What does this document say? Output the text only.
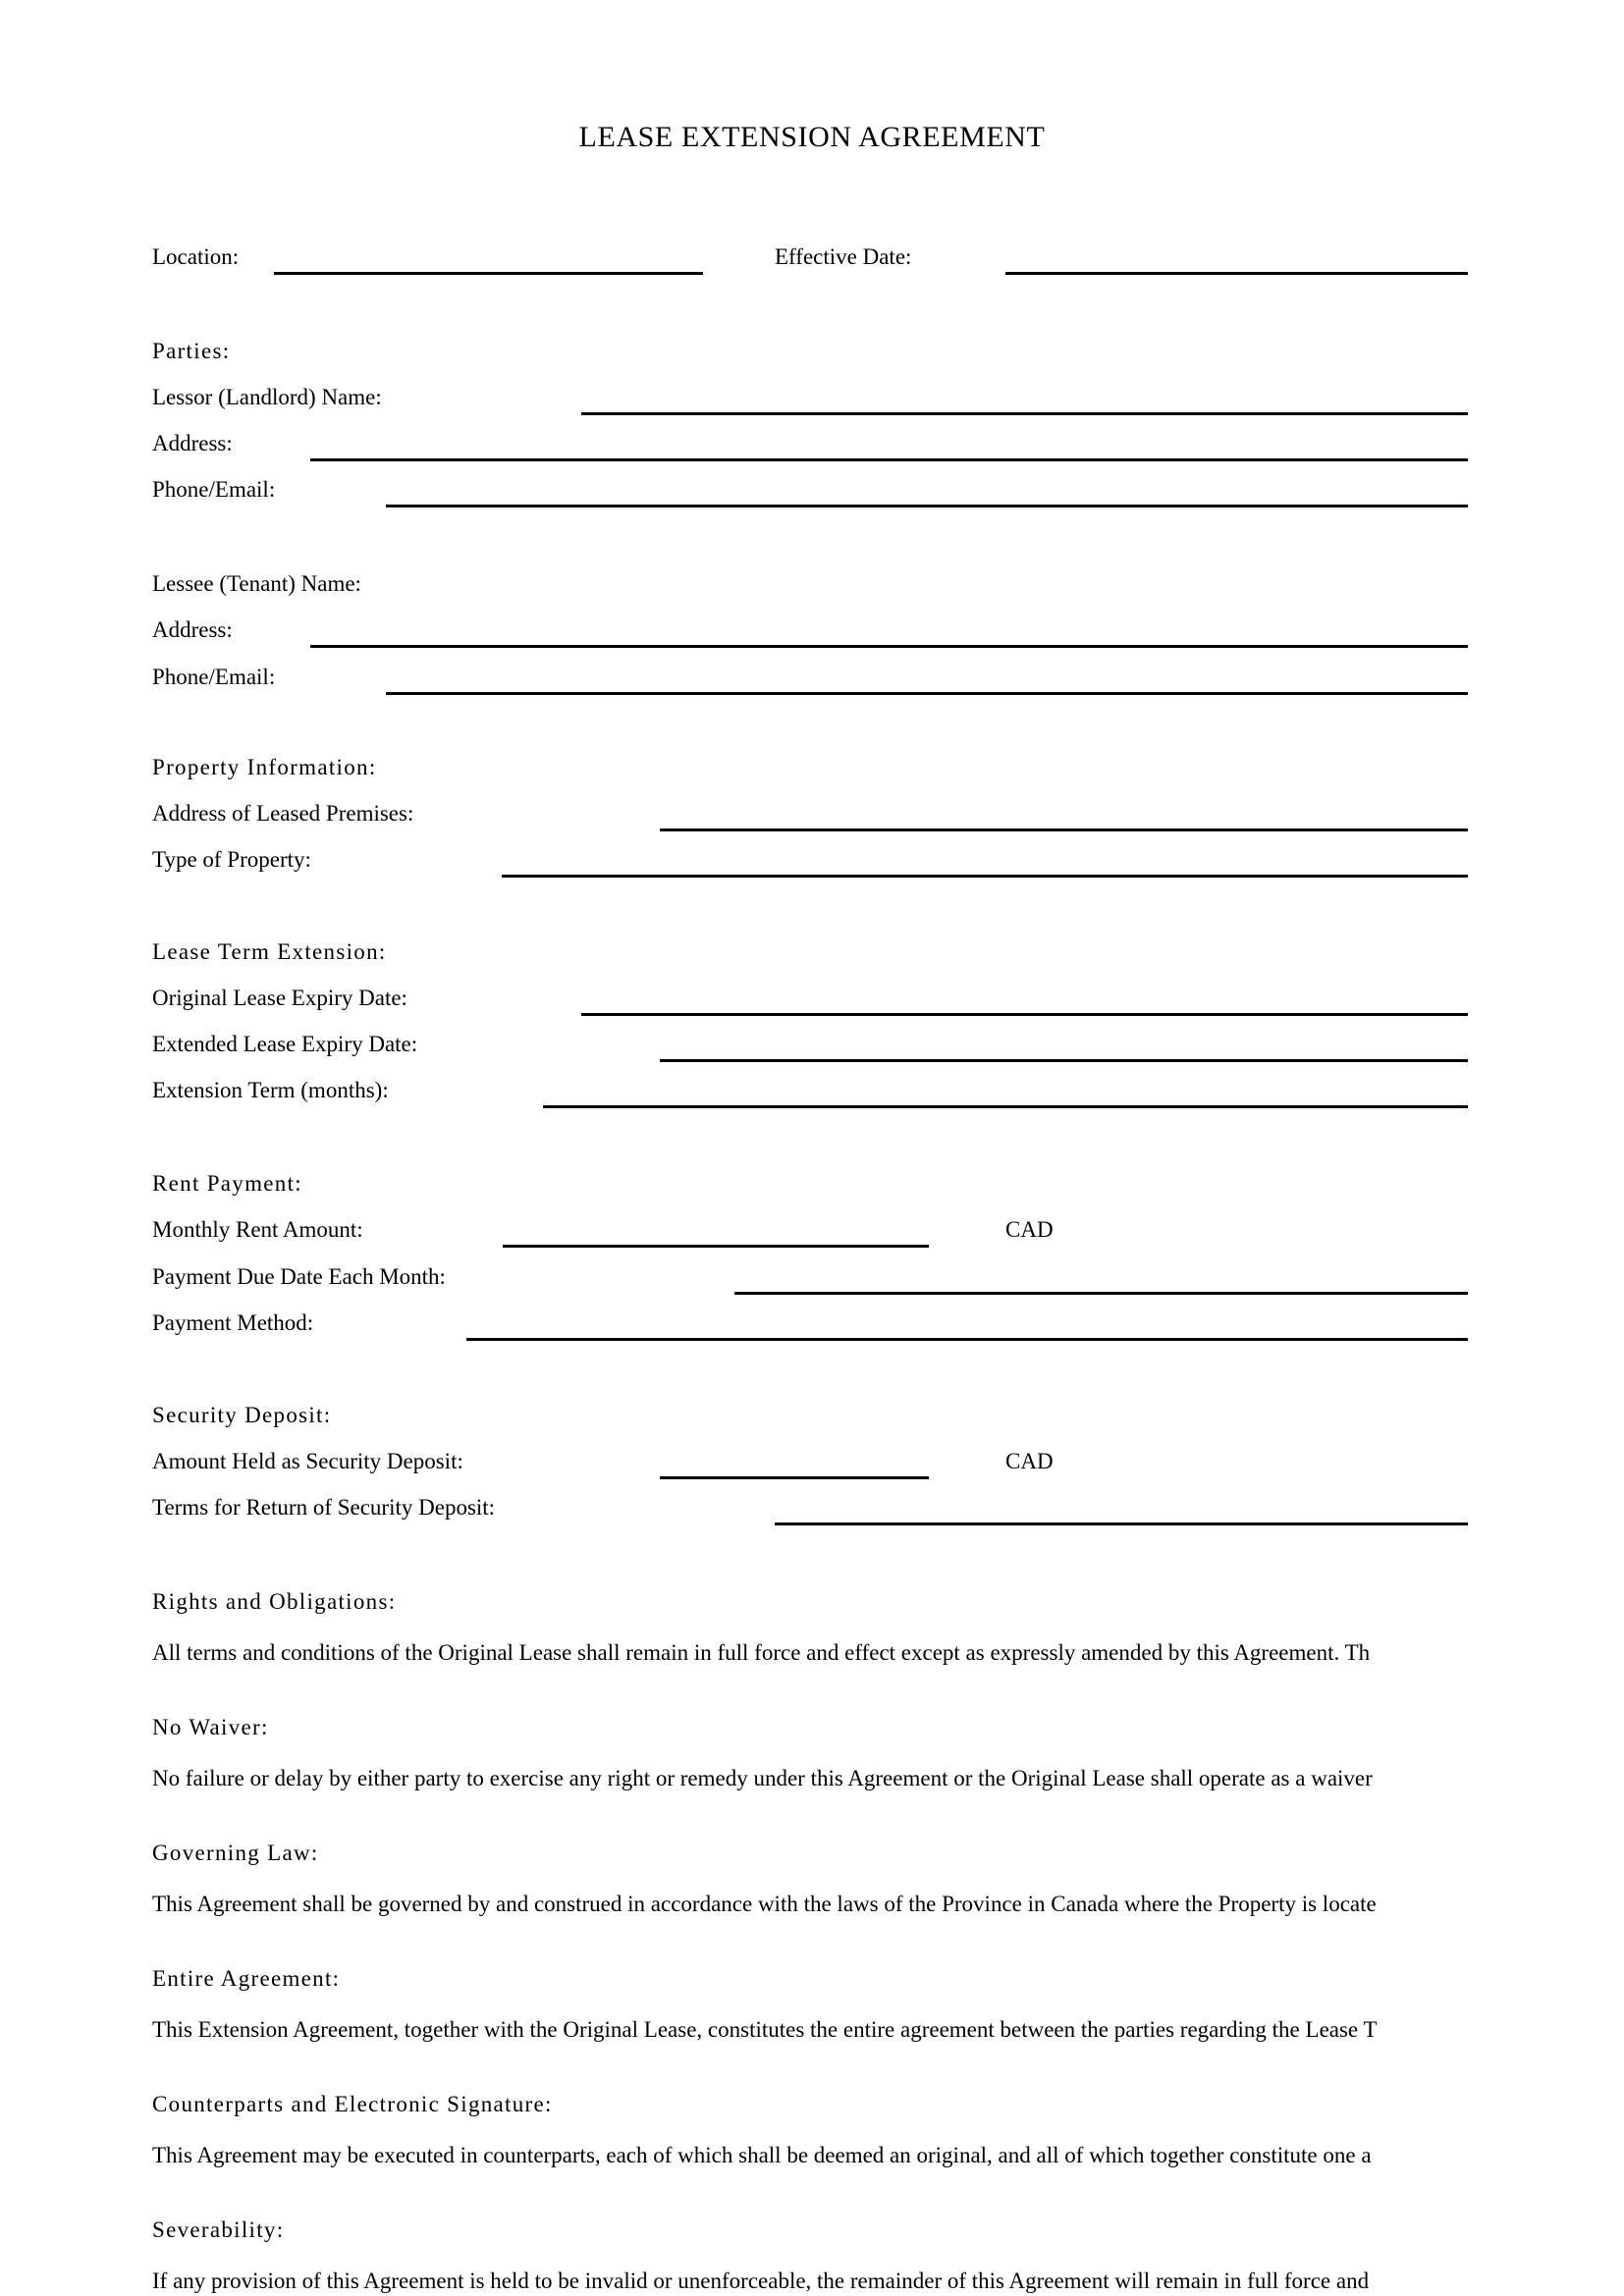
LEASE EXTENSION AGREEMENT
Location:	Effective Date:
Parties:
Lessor (Landlord) Name:
Address:
Phone/Email:
Lessee (Tenant) Name:
Address:
Phone/Email:
Property Information:
Address of Leased Premises:
Type of Property:
Lease Term Extension:
Original Lease Expiry Date:
Extended Lease Expiry Date:
Extension Term (months):
Rent Payment:
Monthly Rent Amount:	CAD
Payment Due Date Each Month:
Payment Method:
Security Deposit:
Amount Held as Security Deposit:	CAD
Terms for Return of Security Deposit:
Rights and Obligations:
All terms and conditions of the Original Lease shall remain in full force and effect except as expressly amended by this Agreement. Th
No Waiver:
No failure or delay by either party to exercise any right or remedy under this Agreement or the Original Lease shall operate as a waiver
Governing Law:
This Agreement shall be governed by and construed in accordance with the laws of the Province in Canada where the Property is locate
Entire Agreement:
This Extension Agreement, together with the Original Lease, constitutes the entire agreement between the parties regarding the Lease T
Counterparts and Electronic Signature:
This Agreement may be executed in counterparts, each of which shall be deemed an original, and all of which together constitute one a
Severability:
If any provision of this Agreement is held to be invalid or unenforceable, the remainder of this Agreement will remain in full force and
